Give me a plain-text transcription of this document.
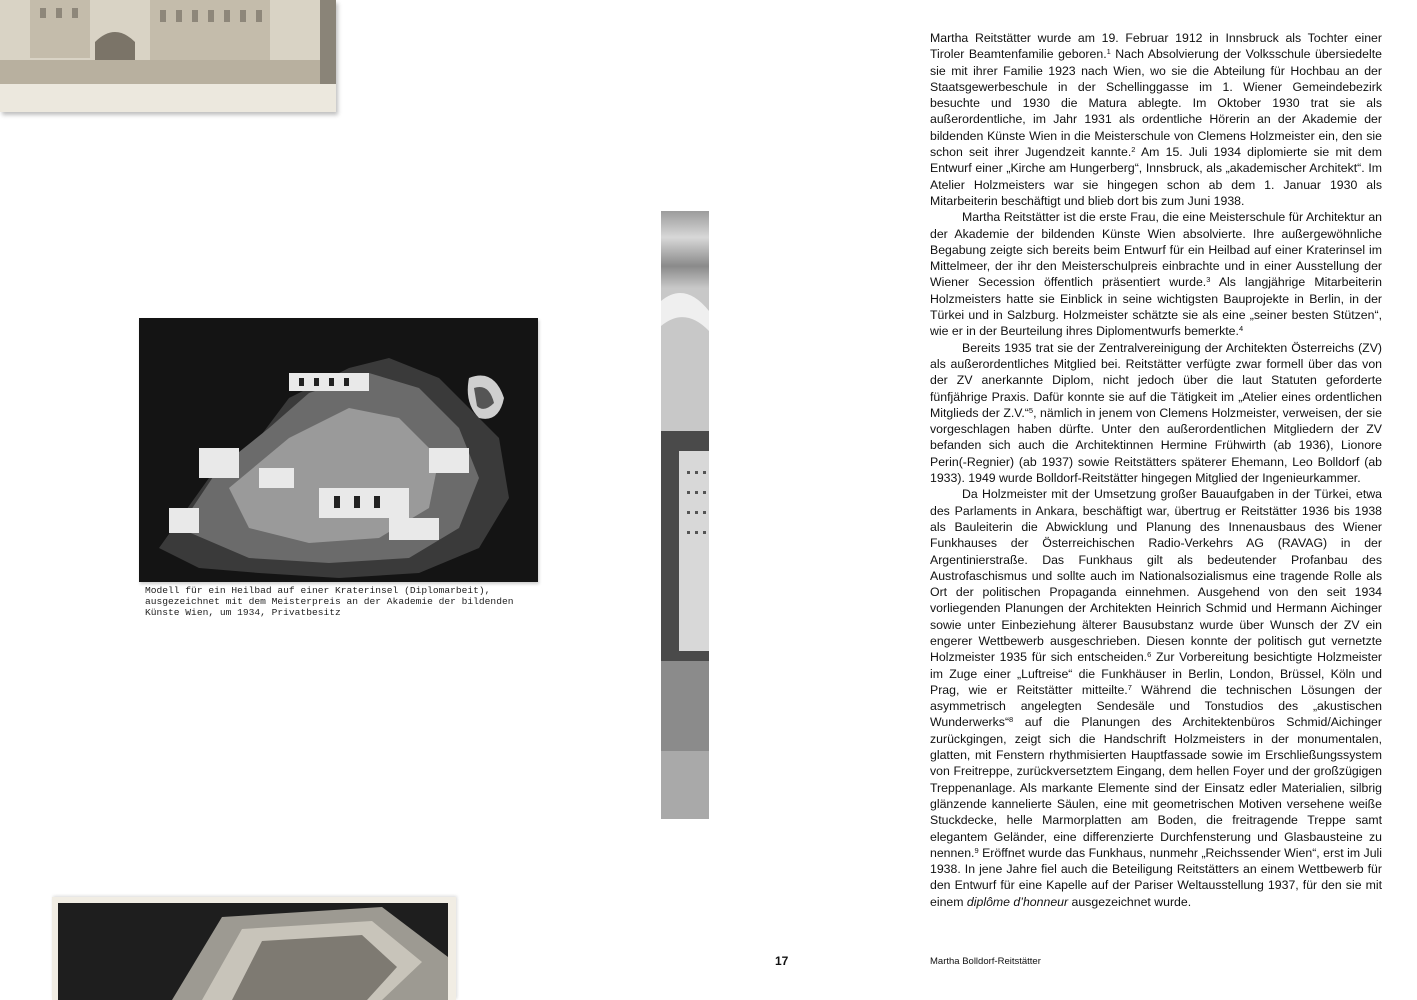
Modell für ein Heilbad auf einer Kraterinsel (Diplomarbeit), ausgezeichnet mit dem Meisterpreis an der Akademie der bildenden Künste Wien, um 1934, Privatbesitz

Martha Reitstätter wurde am 19. Februar 1912 in Innsbruck als Tochter einer Tiroler Beamtenfamilie geboren.$^1$ Nach Absolvierung der Volksschule übersiedelte sie mit ihrer Familie 1923 nach Wien, wo sie die Abteilung für Hochbau an der Staatsgewerbeschule in der Schellinggasse im 1. Wiener Gemeindebezirk besuchte und 1930 die Matura ablegte. Im Oktober 1930 trat sie als außerordentliche, im Jahr 1931 als ordentliche Hörerin an der Akademie der bildenden Künste Wien in die Meisterschule von Clemens Holzmeister ein, den sie schon seit ihrer Jugendzeit kannte.$^2$ Am 15. Juli 1934 diplomierte sie mit dem Entwurf einer „Kirche am Hungerberg“, Innsbruck, als „akademischer Architekt“. Im Atelier Holzmeisters war sie hingegen schon ab dem 1. Januar 1930 als Mitarbeiterin beschäftigt und blieb dort bis zum Juni 1938.

Martha Reitstätter ist die erste Frau, die eine Meisterschule für Architektur an der Akademie der bildenden Künste Wien absolvierte. Ihre außergewöhnliche Begabung zeigte sich bereits beim Entwurf für ein Heilbad auf einer Kraterinsel im Mittelmeer, der ihr den Meisterschulpreis einbrachte und in einer Ausstellung der Wiener Secession öffentlich präsentiert wurde.$^3$ Als langjährige Mitarbeiterin Holzmeisters hatte sie Einblick in seine wichtigsten Bauprojekte in Berlin, in der Türkei und in Salzburg. Holzmeister schätzte sie als eine „seiner besten Stützen“, wie er in der Beurteilung ihres Diplomentwurfs bemerkte.$^4$

Bereits 1935 trat sie der Zentralvereinigung der Architekten Österreichs (ZV) als außerordentliches Mitglied bei. Reitstätter verfügte zwar formell über das von der ZV anerkannte Diplom, nicht jedoch über die laut Statuten geforderte fünfjährige Praxis. Dafür konnte sie auf die Tätigkeit im „Atelier eines ordentlichen Mitglieds der Z.V.“$^5$, nämlich in jenem von Clemens Holzmeister, verweisen, der sie vorgeschlagen haben dürfte. Unter den außerordentlichen Mitgliedern der ZV befanden sich auch die Architektinnen Hermine Frühwirth (ab 1936), Lionore Perin(-Regnier) (ab 1937) sowie Reitstätters späterer Ehemann, Leo Bolldorf (ab 1933). 1949 wurde Bolldorf-Reitstätter hingegen Mitglied der Ingenieurkammer.

Da Holzmeister mit der Umsetzung großer Bauaufgaben in der Türkei, etwa des Parlaments in Ankara, beschäftigt war, übertrug er Reitstätter 1936 bis 1938 als Bauleiterin die Abwicklung und Planung des Innenausbaus des Wiener Funkhauses der Österreichischen Radio-Verkehrs AG (RAVAG) in der Argentinierstraße. Das Funkhaus gilt als bedeutender Profanbau des Austrofaschismus und sollte auch im Nationalsozialismus eine tragende Rolle als Ort der politischen Propaganda einnehmen. Ausgehend von den seit 1934 vorliegenden Planungen der Architekten Heinrich Schmid und Hermann Aichinger sowie unter Einbeziehung älterer Bausubstanz wurde über Wunsch der ZV ein engerer Wettbewerb ausgeschrieben. Diesen konnte der politisch gut vernetzte Holzmeister 1935 für sich entscheiden.$^6$ Zur Vorbereitung besichtigte Holzmeister im Zuge einer „Luftreise“ die Funkhäuser in Berlin, London, Brüssel, Köln und Prag, wie er Reitstätter mitteilte.$^7$ Während die technischen Lösungen der asymmetrisch angelegten Sendesäle und Tonstudios des „akustischen Wunderwerks“$^8$ auf die Planungen des Architektenbüros Schmid/Aichinger zurückgingen, zeigt sich die Handschrift Holzmeisters in der monumentalen, glatten, mit Fenstern rhythmisierten Hauptfassade sowie im Erschließungssystem von Freitreppe, zurückversetztem Eingang, dem hellen Foyer und der großzügigen Treppenanlage. Als markante Elemente sind der Einsatz edler Materialien, silbrig glänzende kannelierte Säulen, eine mit geometrischen Motiven versehene weiße Stuckdecke, helle Marmorplatten am Boden, die freitragende Treppe samt elegantem Geländer, eine differenzierte Durchfensterung und Glasbausteine zu nennen.$^9$ Eröffnet wurde das Funkhaus, nunmehr „Reichssender Wien“, erst im Juli 1938. In jene Jahre fiel auch die Beteiligung Reitstätters an einem Wettbewerb für den Entwurf für eine Kapelle auf der Pariser Weltausstellung 1937, für den sie mit einem diplôme d’honneur ausgezeichnet wurde.

17	Martha Bolldorf-Reitstätter
